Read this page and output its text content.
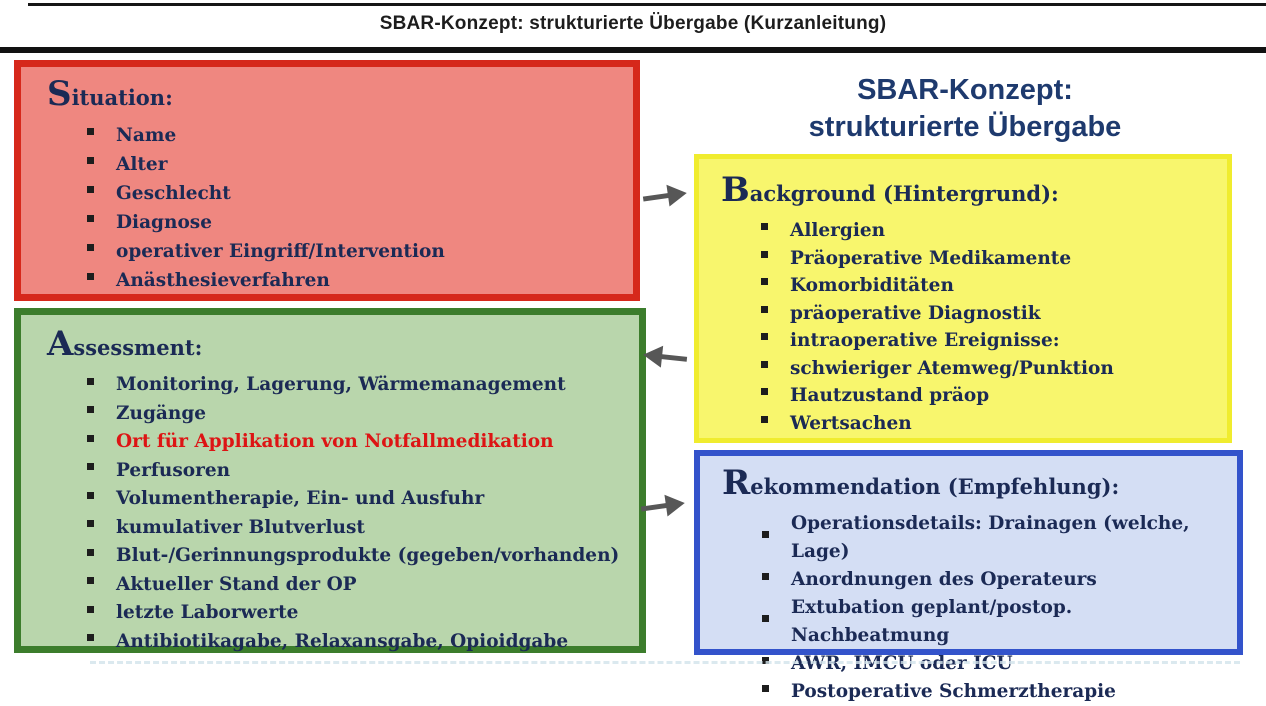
SBAR-Konzept: strukturierte Übergabe (Kurzanleitung)
Situation:
Name
Alter
Geschlecht
Diagnose
operativer Eingriff/Intervention
Anästhesieverfahren
Assessment:
Monitoring, Lagerung, Wärmemanagement
Zugänge
Ort für Applikation von Notfallmedikation
Perfusoren
Volumentherapie, Ein- und Ausfuhr
kumulativer Blutverlust
Blut-/Gerinnungsprodukte (gegeben/vorhanden)
Aktueller Stand der OP
letzte Laborwerte
Antibiotikagabe, Relaxansgabe, Opioidgabe
SBAR-Konzept:
strukturierte Übergabe
Background (Hintergrund):
Allergien
Präoperative Medikamente
Komorbiditäten
präoperative Diagnostik
intraoperative Ereignisse:
schwieriger Atemweg/Punktion
Hautzustand präop
Wertsachen
Rekommendation (Empfehlung):
Operationsdetails: Drainagen (welche, Lage)
Anordnungen des Operateurs
Extubation geplant/postop. Nachbeatmung
AWR, IMCU oder ICU
Postoperative Schmerztherapie
